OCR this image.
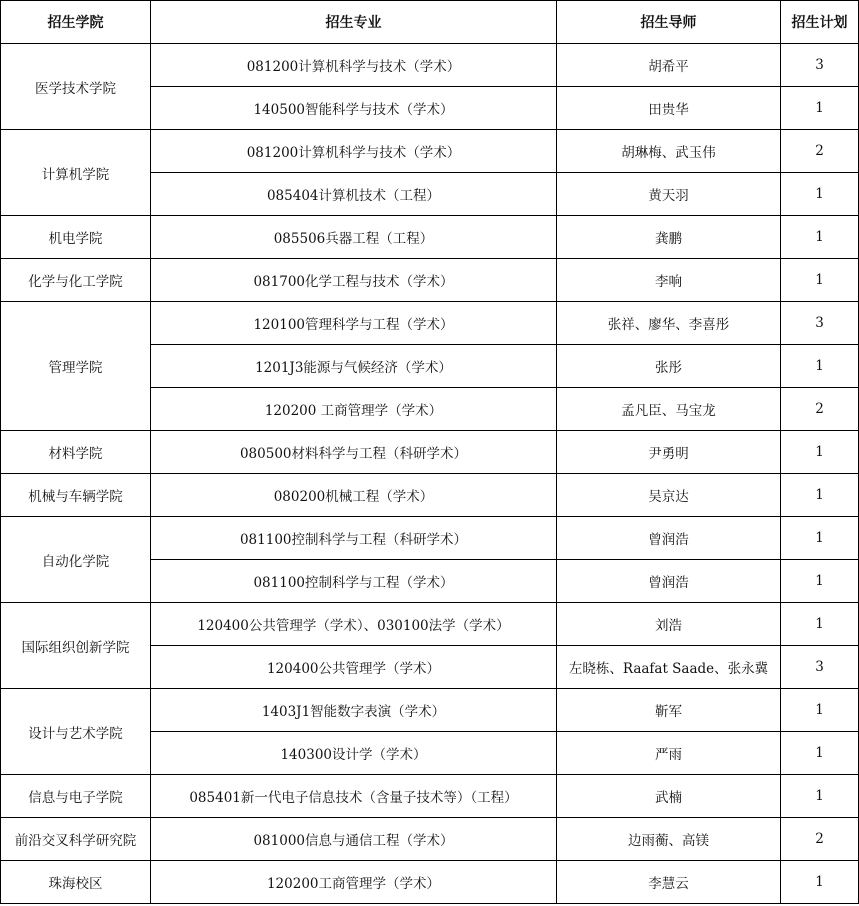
招生学院	招生专业	招生导师	招生计划
医学技术学院	081200计算机科学与技术（学术）	胡希平	3
	140500智能科学与技术（学术）	田贵华	1
计算机学院	081200计算机科学与技术（学术）	胡琳梅、武玉伟	2
	085404计算机技术（工程）	黄天羽	1
机电学院	085506兵器工程（工程）	龚鹏	1
化学与化工学院	081700化学工程与技术（学术）	李响	1
管理学院	120100管理科学与工程（学术）	张祥、廖华、李喜彤	3
	1201J3能源与气候经济（学术）	张彤	1
	120200 工商管理学（学术）	孟凡臣、马宝龙	2
材料学院	080500材料科学与工程（科研学术）	尹勇明	1
机械与车辆学院	080200机械工程（学术）	吴京达	1
自动化学院	081100控制科学与工程（科研学术）	曾润浩	1
	081100控制科学与工程（学术）	曾润浩	1
国际组织创新学院	120400公共管理学（学术）、030100法学（学术）	刘浩	1
	120400公共管理学（学术）	左晓栋、Raafat Saade、张永冀	3
设计与艺术学院	1403J1智能数字表演（学术）	靳军	1
	140300设计学（学术）	严雨	1
信息与电子学院	085401新一代电子信息技术（含量子技术等）（工程）	武楠	1
前沿交叉科学研究院	081000信息与通信工程（学术）	边雨蘅、高镁	2
珠海校区	120200工商管理学（学术）	李慧云	1
